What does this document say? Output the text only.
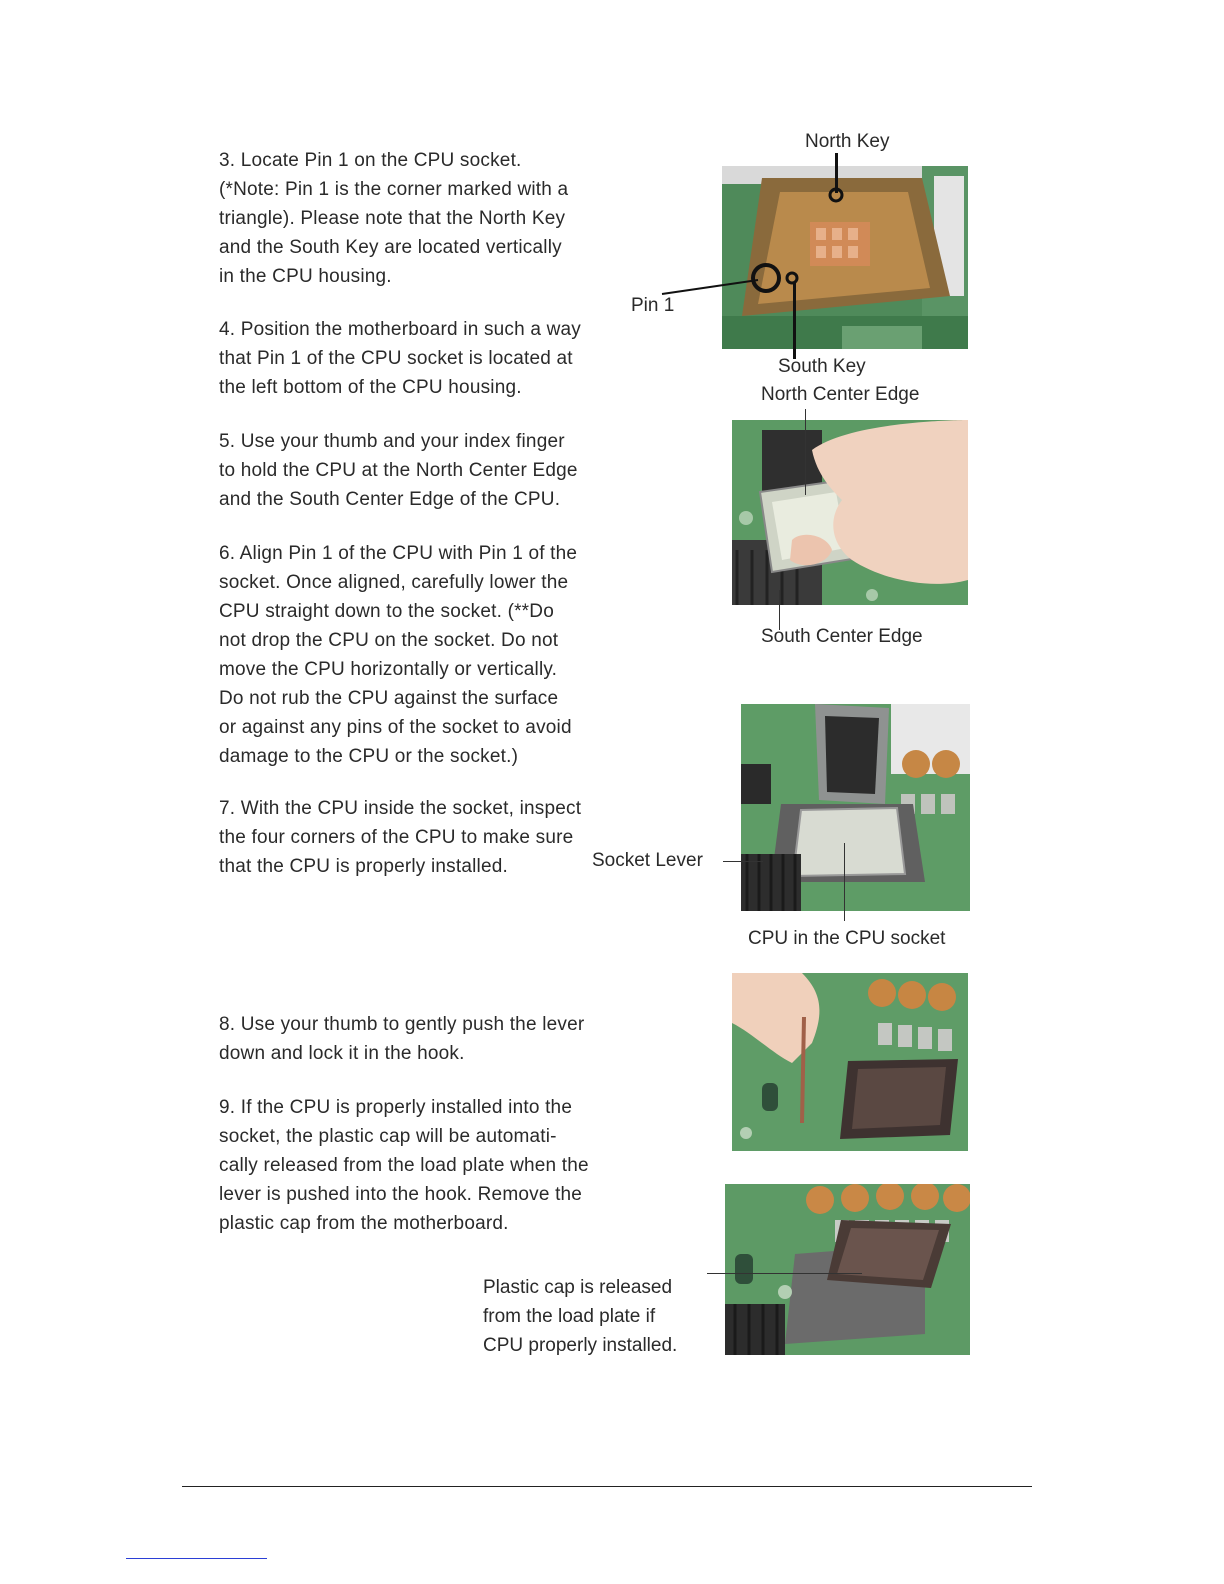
3. Locate Pin 1 on the CPU socket.
(*Note: Pin 1 is the corner marked with a
triangle). Please note that the North Key
and the South Key are located vertically
in the CPU housing.
4. Position the motherboard in such a way
that Pin 1 of the CPU socket is located at
the left bottom of the CPU housing.
5. Use your thumb and your index finger
to hold the CPU at the North Center Edge
and the South Center Edge of the CPU.
6. Align Pin 1 of the CPU with Pin 1 of the
socket. Once aligned, carefully lower the
CPU straight down to the socket. (**Do
not drop the CPU on the socket. Do not
move the CPU horizontally or vertically.
Do not rub the CPU against the surface
or against any pins of the socket to avoid
damage to the CPU or the socket.)
7. With the CPU inside the socket, inspect
the four corners of the CPU to make sure
that the CPU is properly installed.
8. Use your thumb to gently push the lever
down and lock it in the hook.
9. If the CPU is properly installed into the
socket, the plastic cap will be automati-
cally released from the load plate when the
lever is pushed into the hook. Remove the
plastic cap from the motherboard.
North Key
Pin 1
South Key
North Center Edge
South Center Edge
Socket Lever
CPU in the CPU socket
Plastic cap is released
from the load plate if
CPU properly installed.
